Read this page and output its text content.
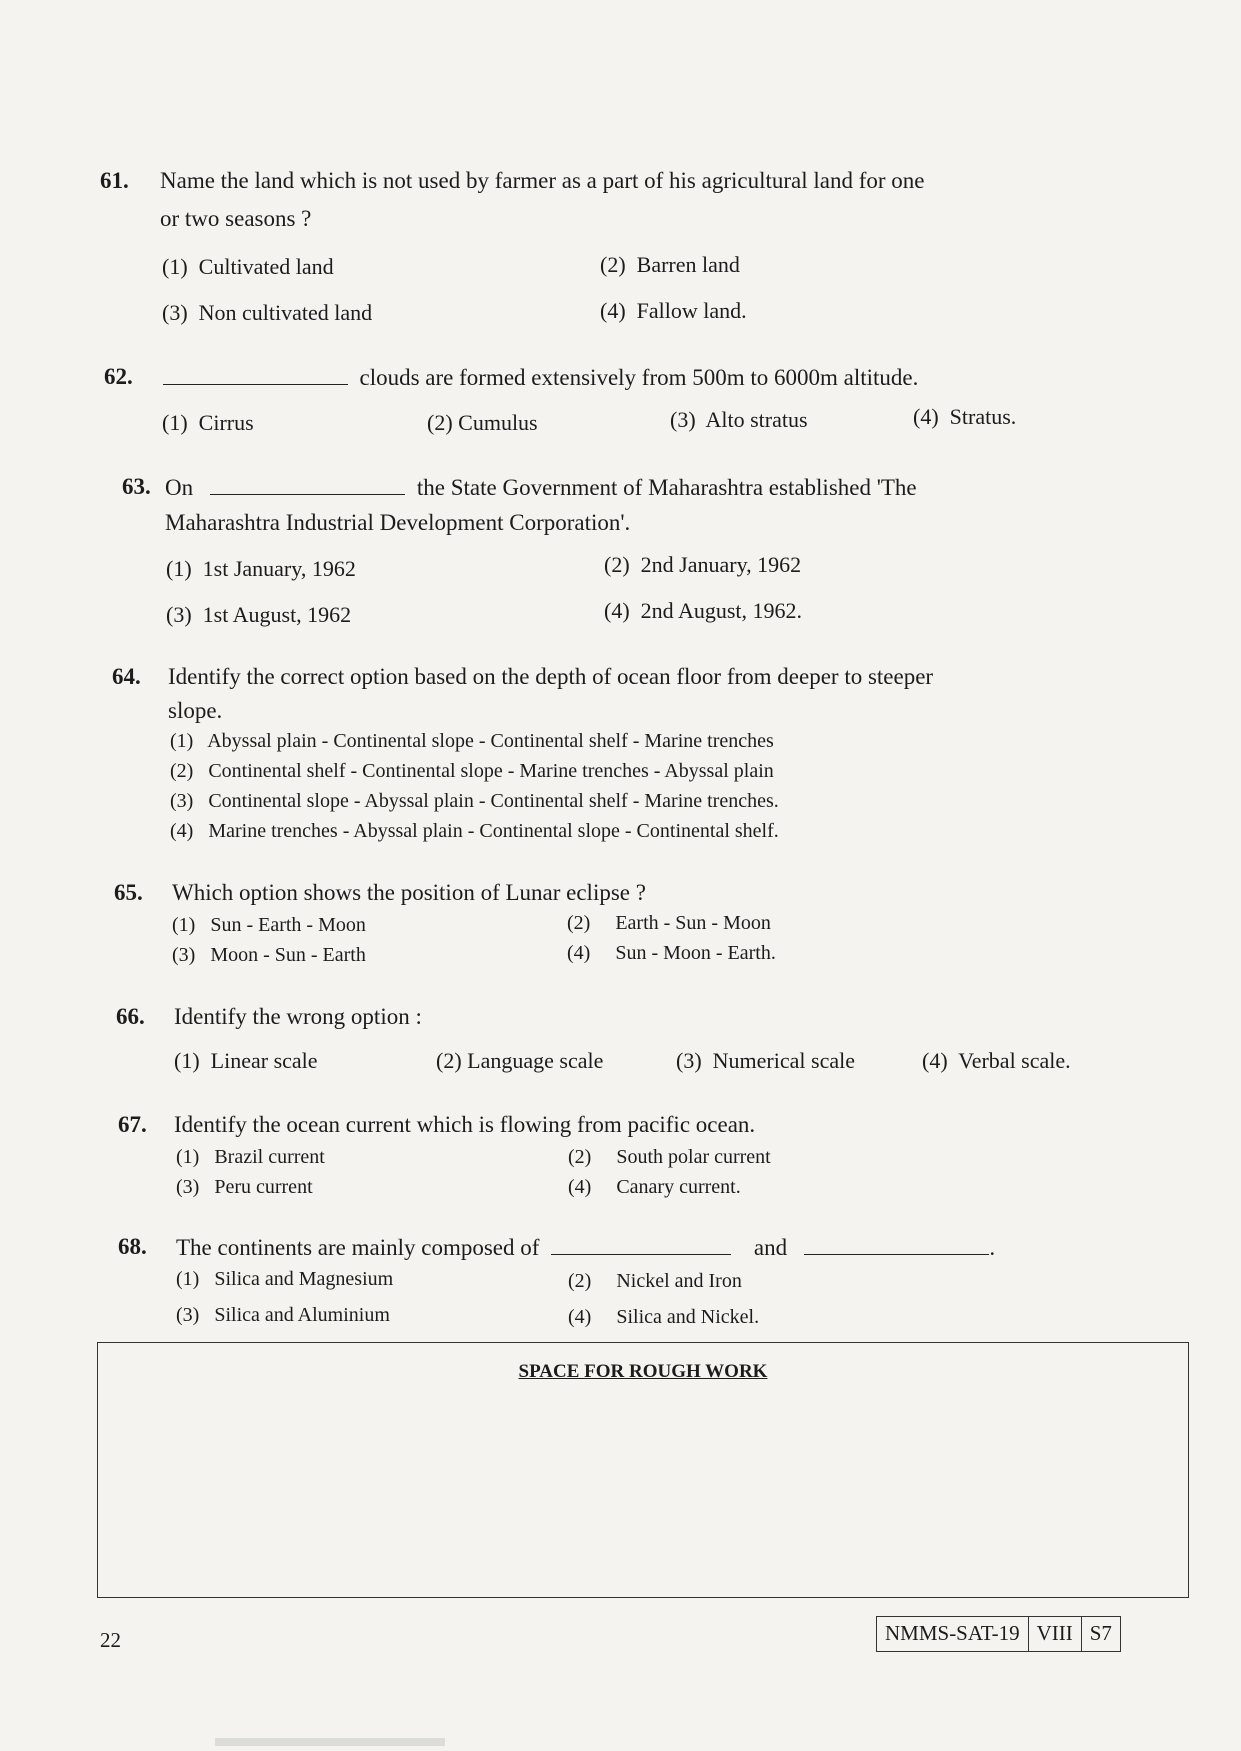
61. Name the land which is not used by farmer as a part of his agricultural land for one
or two seasons ?
(1) Cultivated land	(2) Barren land
(3) Non cultivated land	(4) Fallow land.
62.	clouds are formed extensively from 500m to 6000m altitude.
(1) Cirrus	(2) Cumulus	(3) Alto stratus	(4) Stratus.
63. On	the State Government of Maharashtra established 'The
Maharashtra Industrial Development Corporation'.
(1) 1st January, 1962	(2) 2nd January, 1962
(3) 1st August, 1962	(4) 2nd August, 1962.
64. Identify the correct option based on the depth of ocean floor from deeper to steeper
slope.
(1) Abyssal plain - Continental slope - Continental shelf - Marine trenches
(2) Continental shelf - Continental slope - Marine trenches - Abyssal plain
(3) Continental slope - Abyssal plain - Continental shelf - Marine trenches.
(4) Marine trenches - Abyssal plain - Continental slope - Continental shelf.
65. Which option shows the position of Lunar eclipse ?
(1) Sun - Earth - Moon	(2) Earth - Sun - Moon
(3) Moon - Sun - Earth	(4) Sun - Moon - Earth.
66. Identify the wrong option :
(1) Linear scale	(2) Language scale	(3) Numerical scale	(4) Verbal scale.
67. Identify the ocean current which is flowing from pacific ocean.
(1) Brazil current	(2) South polar current
(3) Peru current	(4) Canary current.
68. The continents are mainly composed of	and	.
(1) Silica and Magnesium	(2) Nickel and Iron
(3) Silica and Aluminium	(4) Silica and Nickel.
SPACE FOR ROUGH WORK
22	NMMS-SAT-19 VIII S7
